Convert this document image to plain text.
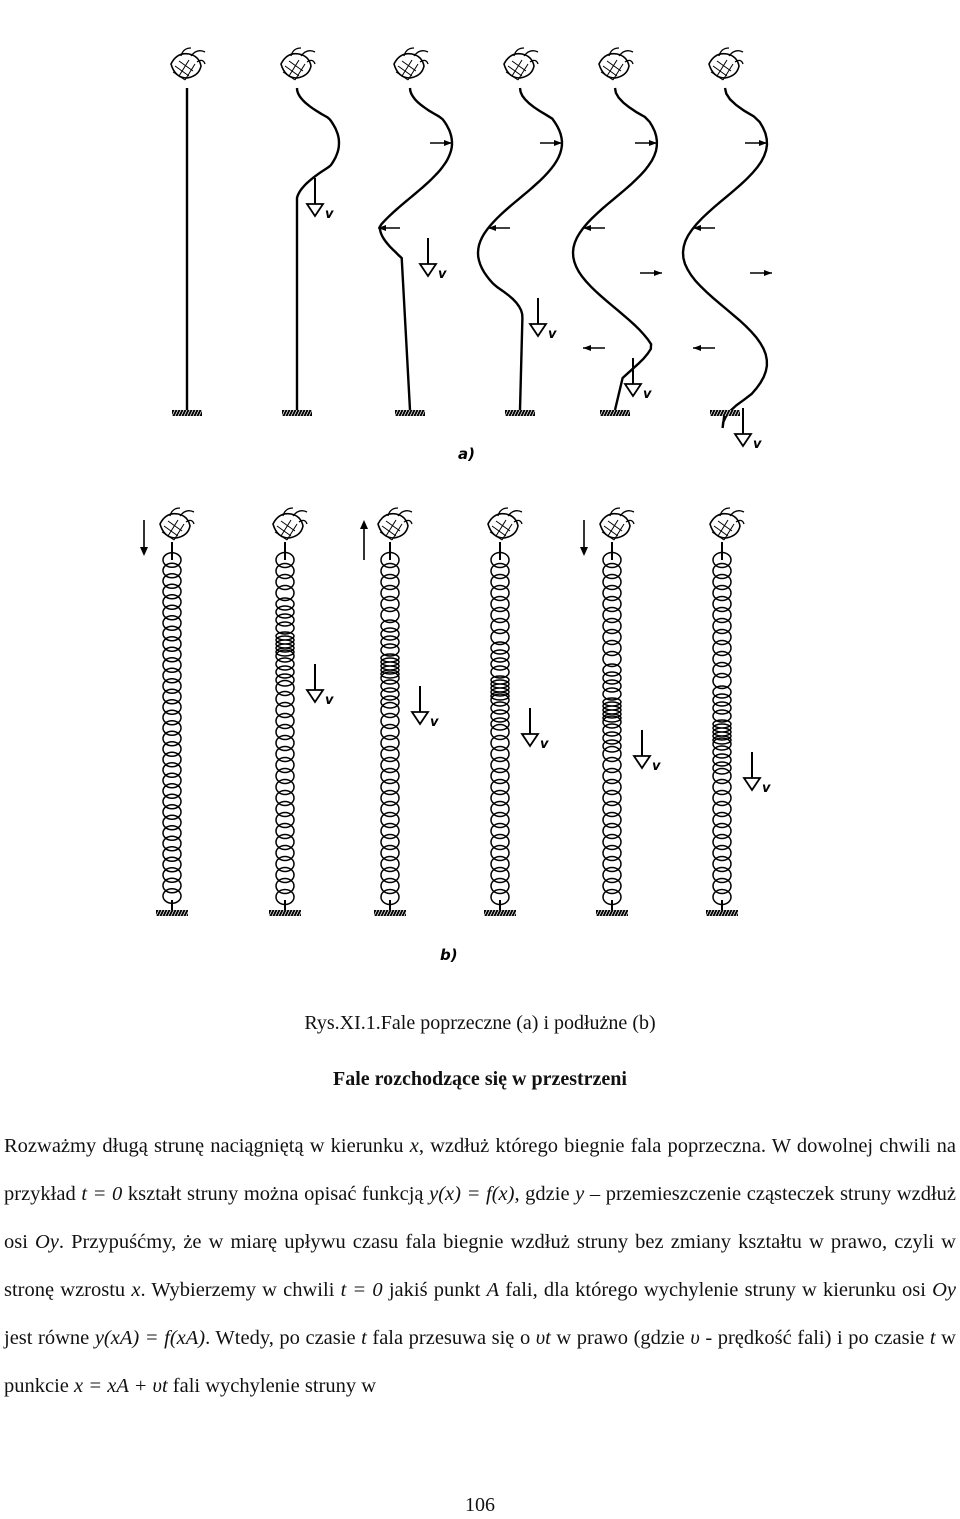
v
v
v
v
v
a)
v
v
v
v
v
b)
Rys.XI.1.Fale poprzeczne (a) i podłużne (b)
Fale rozchodzące się w przestrzeni
Rozważmy długą strunę naciągniętą w kierunku x, wzdłuż którego biegnie fala poprzeczna. W dowolnej chwili na przykład t = 0 kształt struny można opisać funkcją y(x) = f(x), gdzie y – przemieszczenie cząsteczek struny wzdłuż osi Oy. Przypuśćmy, że w miarę upływu czasu fala biegnie wzdłuż struny bez zmiany kształtu w prawo, czyli w stronę wzrostu x. Wybierzemy w chwili t = 0 jakiś punkt A fali, dla którego wychylenie struny w kierunku osi Oy jest równe y(xA) = f(xA). Wtedy, po czasie t fala przesuwa się o υt w prawo (gdzie υ - prędkość fali) i po czasie t w punkcie x = xA + υt fali wychylenie struny w
106
